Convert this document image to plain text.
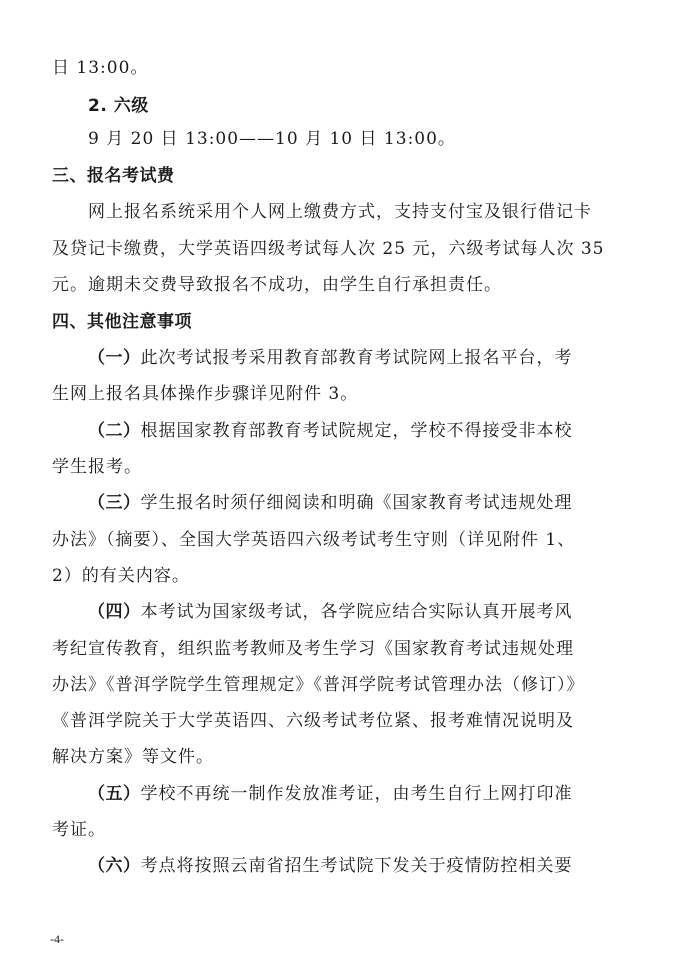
日 13:00。
2. 六级
9 月 20 日 13:00——10 月 10 日 13:00。
三、报名考试费
网上报名系统采用个人网上缴费方式，支持支付宝及银行借记卡
及贷记卡缴费，大学英语四级考试每人次 25 元，六级考试每人次 35
元。逾期未交费导致报名不成功，由学生自行承担责任。
四、其他注意事项
（一）此次考试报考采用教育部教育考试院网上报名平台，考
生网上报名具体操作步骤详见附件 3。
（二）根据国家教育部教育考试院规定，学校不得接受非本校
学生报考。
（三）学生报名时须仔细阅读和明确《国家教育考试违规处理
办法》（摘要）、全国大学英语四六级考试考生守则（详见附件 1、
2）的有关内容。
（四）本考试为国家级考试，各学院应结合实际认真开展考风
考纪宣传教育，组织监考教师及考生学习《国家教育考试违规处理
办法》《普洱学院学生管理规定》《普洱学院考试管理办法（修订）》
《普洱学院关于大学英语四、六级考试考位紧、报考难情况说明及
解决方案》等文件。
（五）学校不再统一制作发放准考证，由考生自行上网打印准
考证。
（六）考点将按照云南省招生考试院下发关于疫情防控相关要
-4-
